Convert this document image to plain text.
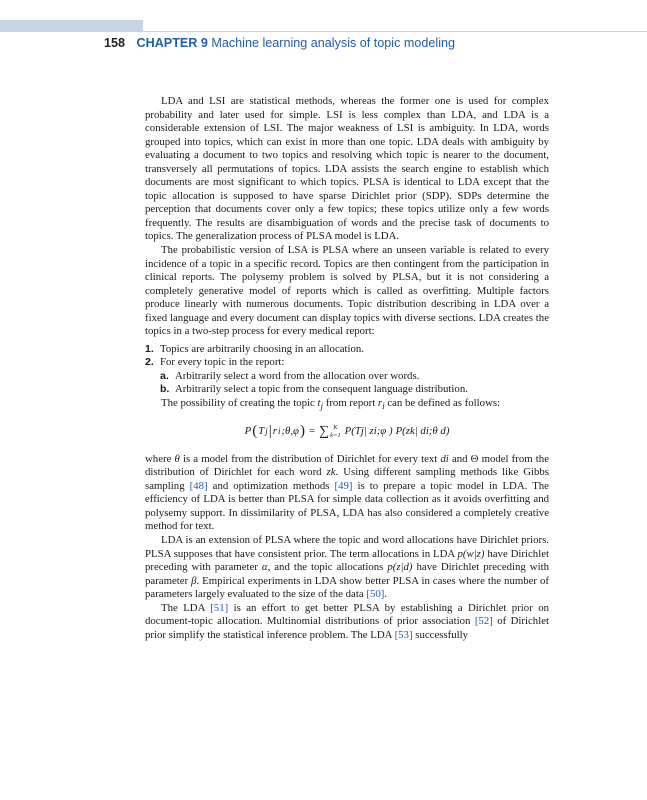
158 CHAPTER 9 Machine learning analysis of topic modeling

LDA and LSI are statistical methods, whereas the former one is used for complex probability and later used for simple. LSI is less complex than LDA, and LDA is a considerable extension of LSI. The major weakness of LSI is ambiguity. In LDA, words grouped into topics, which can exist in more than one topic. LDA deals with ambiguity by evaluating a document to two topics and resolving which topic is nearer to the document, transversely all permutations of topics. LDA assists the search engine to establish which documents are most significant to which topics. PLSA is identical to LDA except that the topic allocation is supposed to have sparse Dirichlet prior (SDP). SDPs determine the perception that documents cover only a few topics; these topics utilize only a few words frequently. The results are disambiguation of words and the precise task of documents to topics. The generalization process of PLSA model is LDA.

The probabilistic version of LSA is PLSA where an unseen variable is related to every incidence of a topic in a specific record. Topics are then contingent from the participation in clinical reports. The polysemy problem is solved by PLSA, but it is not considering a completely generative model of reports which is called as overfitting. Multiple factors produce linearly with numerous documents. Topic distribution describing in LDA over a fixed language and every document can display topics with diverse sections. LDA creates the topics in a two-step process for every medical report:

1. Topics are arbitrarily choosing in an allocation.
2. For every topic in the report:
a. Arbitrarily select a word from the allocation over words.
b. Arbitrarily select a topic from the consequent language distribution.

The possibility of creating the topic $t_j$ from report $r_i$ can be defined as follows:

P ( T j | r i ;θ,φ ) = ∑ K
k=1 P(Tj| zi;φ ) P(zk| di;θ d)

where θ is a model from the distribution of Dirichlet for every text di and Θ model from the distribution of Dirichlet for each word zk. Using different sampling methods like Gibbs sampling [48] and optimization methods [49] is to prepare a topic model in LDA. The efficiency of LDA is better than PLSA for simple data collection as it avoids overfitting and polysemy support. In dissimilarity of PLSA, LDA has also considered a completely creative method for text.

LDA is an extension of PLSA where the topic and word allocations have Dirichlet priors. PLSA supposes that have consistent prior. The term allocations in LDA p(w|z) have Dirichlet preceding with parameter α, and the topic allocations p(z|d) have Dirichlet preceding with parameter β. Empirical experiments in LDA show better PLSA in cases where the number of parameters largely evaluated to the size of the data [50].

The LDA [51] is an effort to get better PLSA by establishing a Dirichlet prior on document-topic allocation. Multinomial distributions of prior association [52] of Dirichlet prior simplify the statistical inference problem. The LDA [53] successfully
